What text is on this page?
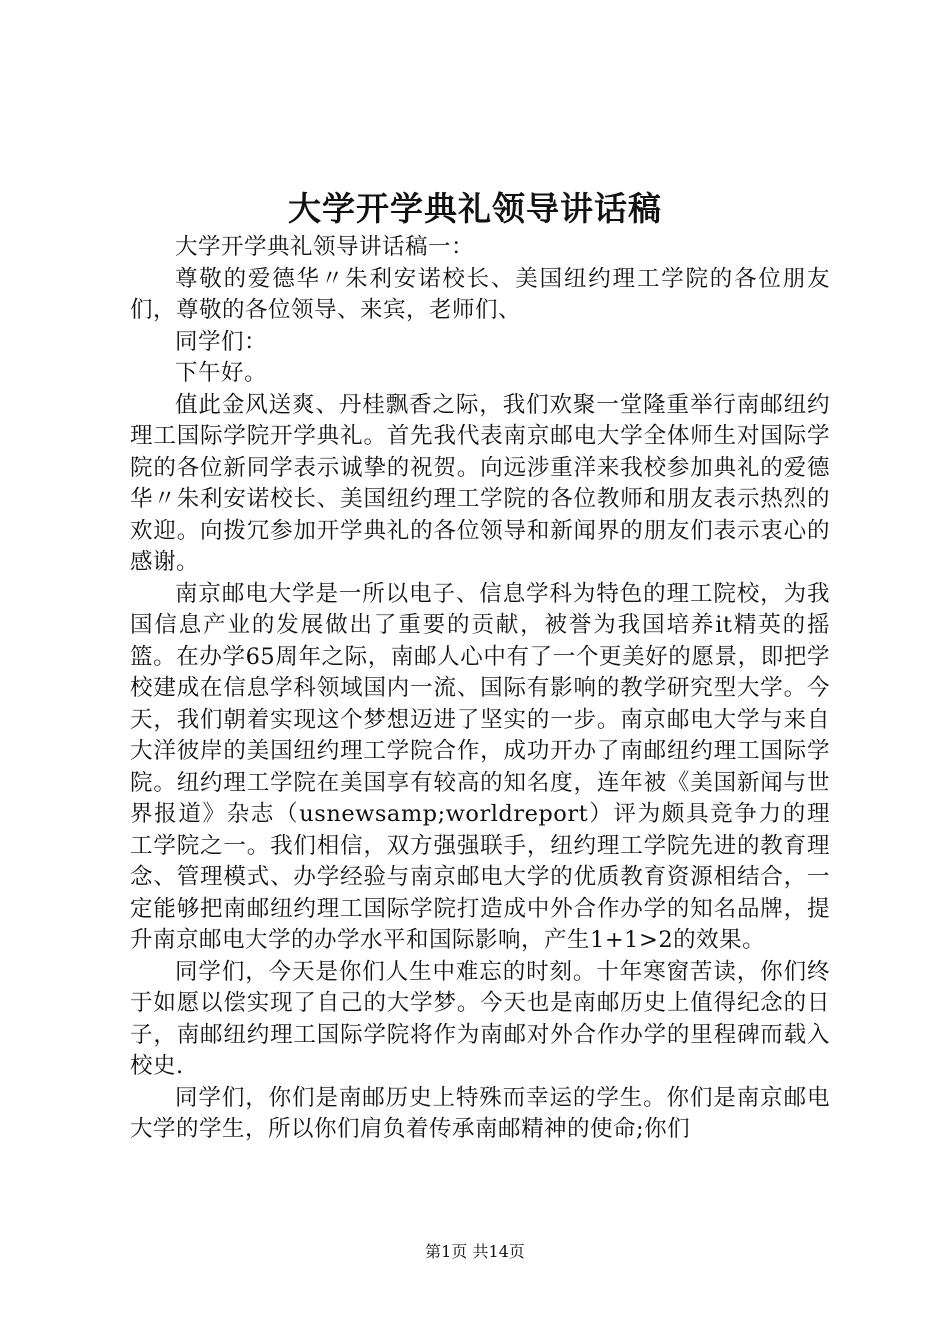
大学开学典礼领导讲话稿

大学开学典礼领导讲话稿一：

尊敬的爱德华〃朱利安诺校长、美国纽约理工学院的各位朋友们，尊敬的各位领导、来宾，老师们、

同学们：

下午好。

值此金风送爽、丹桂飘香之际，我们欢聚一堂隆重举行南邮纽约理工国际学院开学典礼。首先我代表南京邮电大学全体师生对国际学院的各位新同学表示诚挚的祝贺。向远涉重洋来我校参加典礼的爱德华〃朱利安诺校长、美国纽约理工学院的各位教师和朋友表示热烈的欢迎。向拨冗参加开学典礼的各位领导和新闻界的朋友们表示衷心的感谢。

南京邮电大学是一所以电子、信息学科为特色的理工院校，为我国信息产业的发展做出了重要的贡献，被誉为我国培养it精英的摇篮。在办学65周年之际，南邮人心中有了一个更美好的愿景，即把学校建成在信息学科领域国内一流、国际有影响的教学研究型大学。今天，我们朝着实现这个梦想迈进了坚实的一步。南京邮电大学与来自大洋彼岸的美国纽约理工学院合作，成功开办了南邮纽约理工国际学院。纽约理工学院在美国享有较高的知名度，连年被《美国新闻与世界报道》杂志（usnewsamp;worldreport）评为颇具竞争力的理工学院之一。我们相信，双方强强联手，纽约理工学院先进的教育理念、管理模式、办学经验与南京邮电大学的优质教育资源相结合，一定能够把南邮纽约理工国际学院打造成中外合作办学的知名品牌，提升南京邮电大学的办学水平和国际影响，产生1+1>2的效果。

同学们，今天是你们人生中难忘的时刻。十年寒窗苦读，你们终于如愿以偿实现了自己的大学梦。今天也是南邮历史上值得纪念的日子，南邮纽约理工国际学院将作为南邮对外合作办学的里程碑而载入校史.

同学们，你们是南邮历史上特殊而幸运的学生。你们是南京邮电大学的学生，所以你们肩负着传承南邮精神的使命;你们

第1页 共14页
